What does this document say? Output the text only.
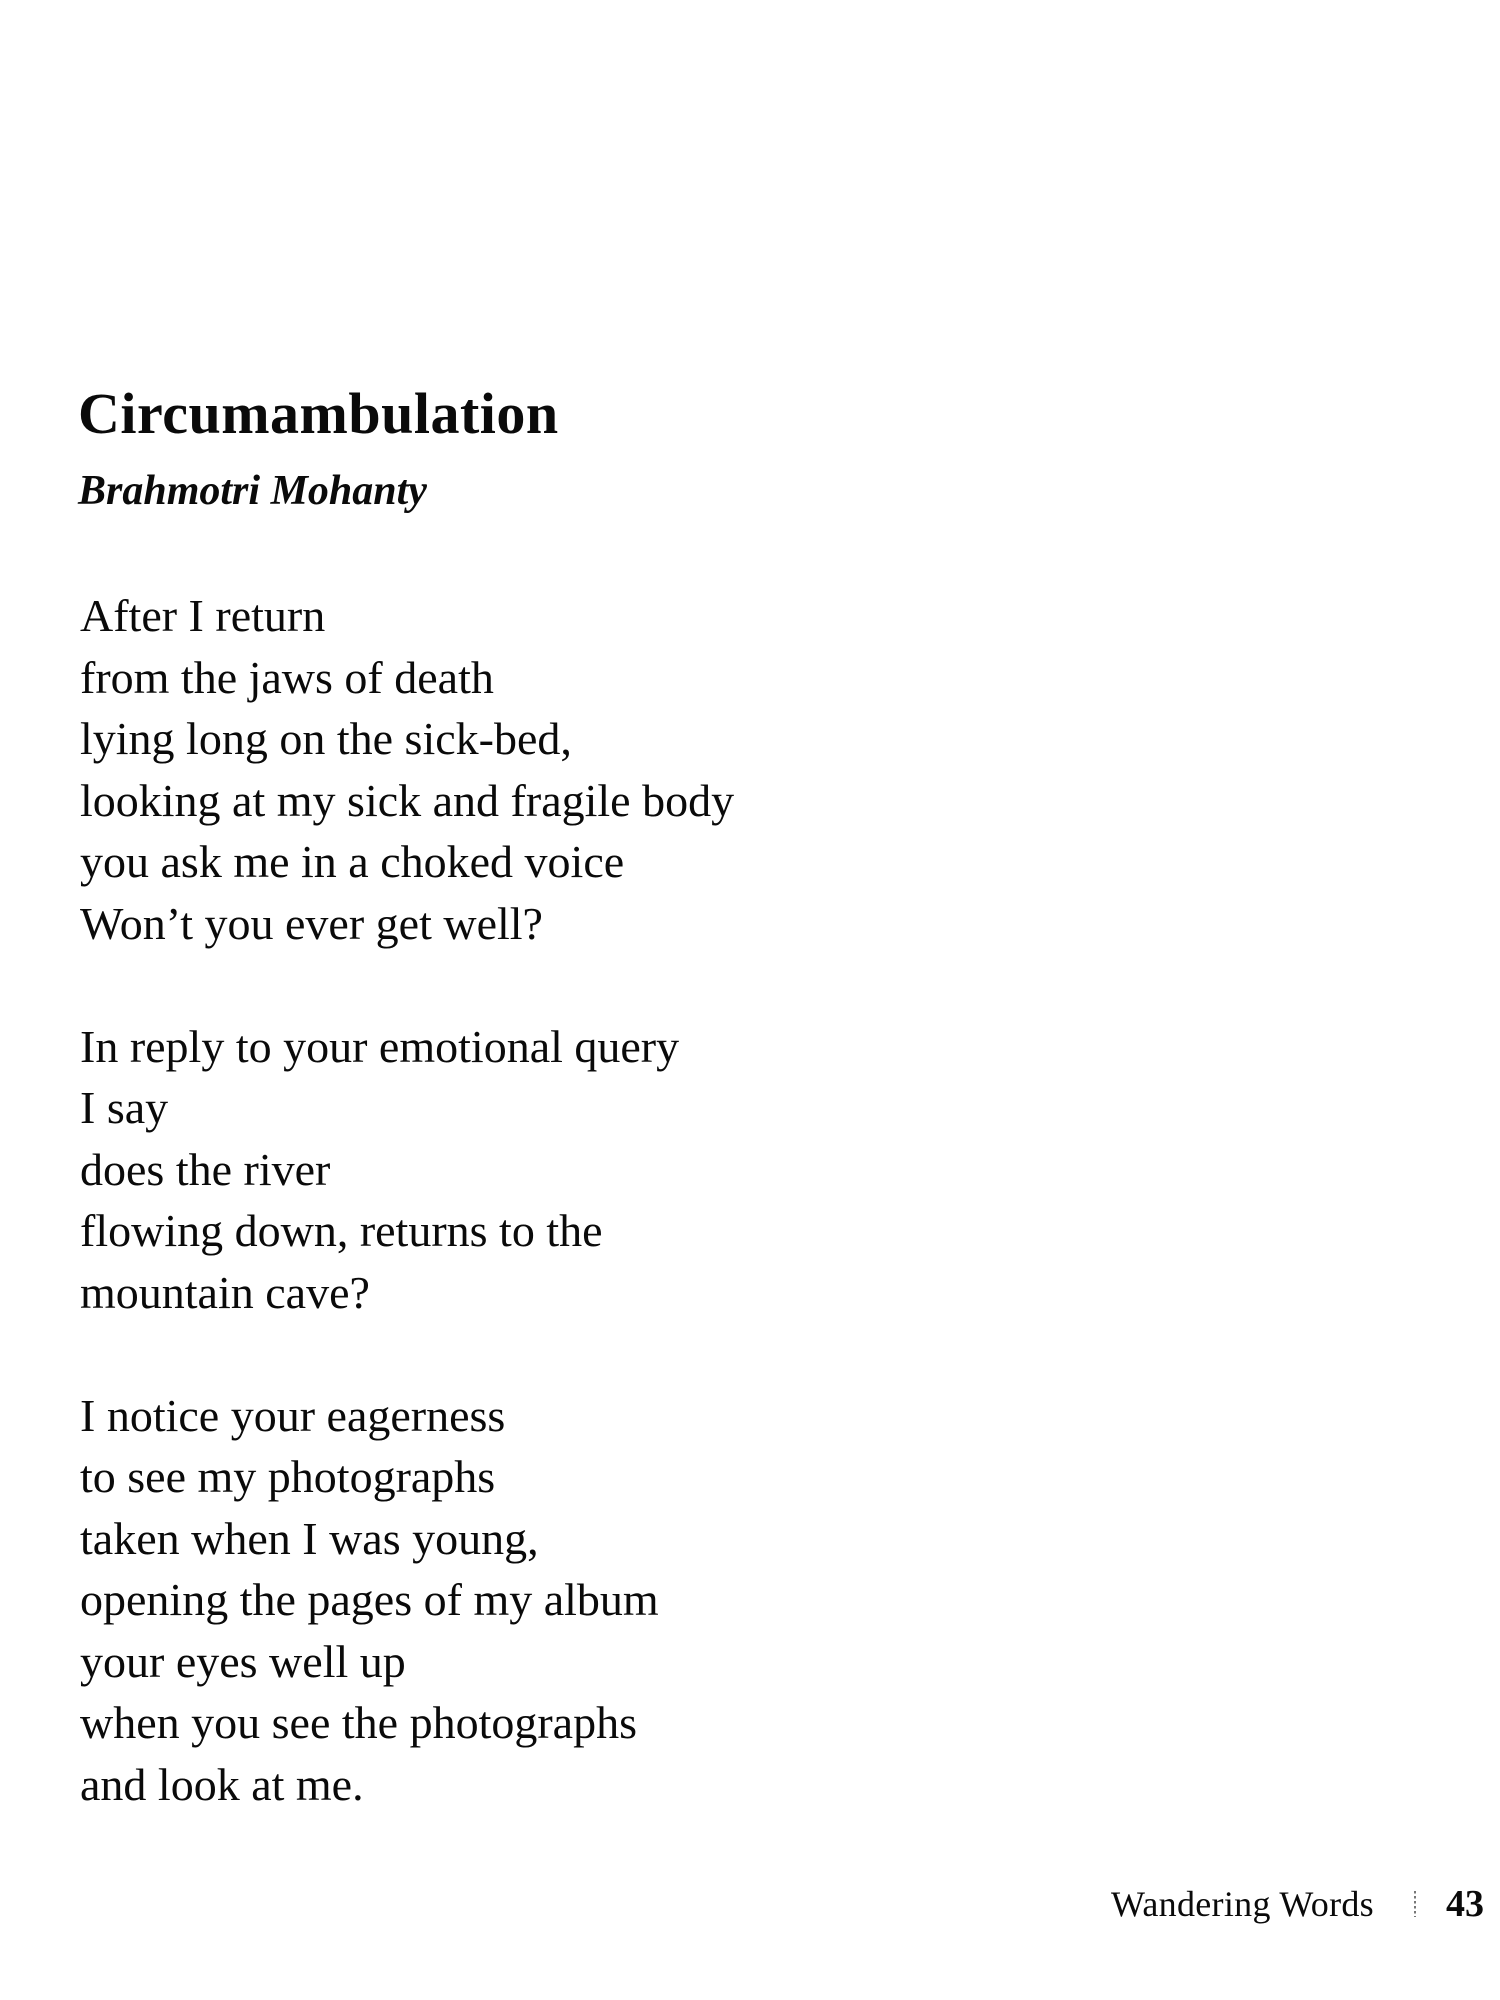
Circumambulation
Brahmotri Mohanty
After I return
from the jaws of death
lying long on the sick-bed,
looking at my sick and fragile body
you ask me in a choked voice
Won’t you ever get well?
In reply to your emotional query
I say
does the river
flowing down, returns to the
mountain cave?
I notice your eagerness
to see my photographs
taken when I was young,
opening the pages of my album
your eyes well up
when you see the photographs
and look at me.
Wandering Words 43
